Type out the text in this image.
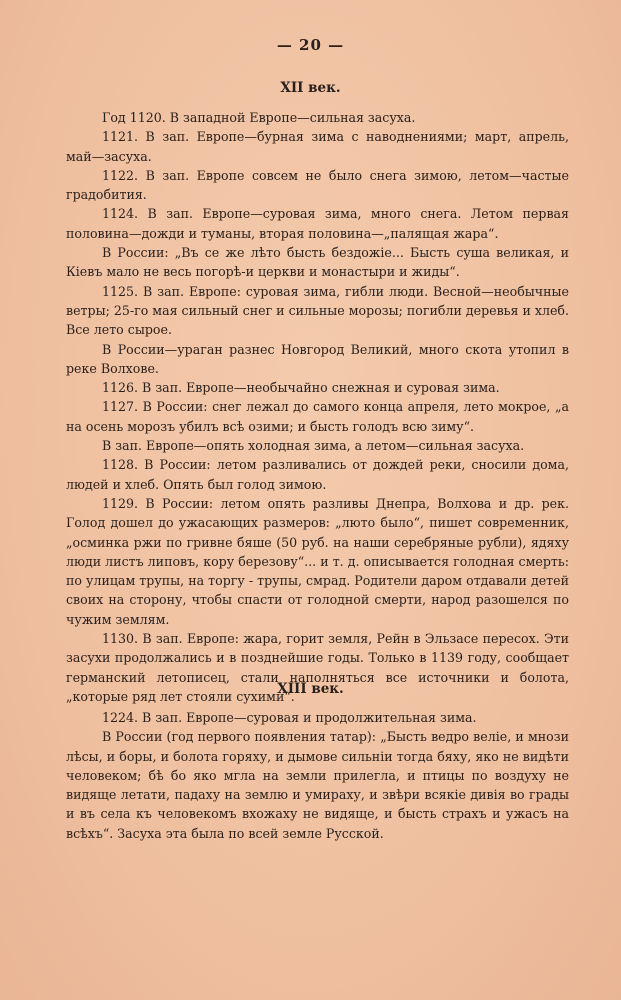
— 20 —
XII век.

Год 1120. В западной Европе—сильная засуха.

1121. В зап. Европе—бурная зима с наводнениями; март, апрель, май—засуха.

1122. В зап. Европе совсем не было снега зимою, летом—частые градобития.

1124. В зап. Европе—суровая зима, много снега. Летом первая половина—дожди и туманы, вторая половина—„палящая жара“.

В России: „Въ се же лѣто бысть бездожіе... Бысть суша великая, и Кіевъ мало не весь погорѣ-и церкви и монастыри и жиды“.

1125. В зап. Европе: суровая зима, гибли люди. Весной—необычные ветры; 25-го мая сильный снег и сильные морозы; погибли деревья и хлеб. Все лето сырое.

В России—ураган разнес Новгород Великий, много скота утопил в реке Волхове.

1126. В зап. Европе—необычайно снежная и суровая зима.

1127. В России: снег лежал до самого конца апреля, лето мокрое, „а на осень морозъ убилъ всѣ озими; и бысть голодъ всю зиму“.

В зап. Европе—опять холодная зима, а летом—сильная засуха.

1128. В России: летом разливались от дождей реки, сносили дома, людей и хлеб. Опять был голод зимою.

1129. В России: летом опять разливы Днепра, Волхова и др. рек. Голод дошел до ужасающих размеров: „люто было“, пишет современник, „осминка ржи по гривне бяше (50 руб. на наши серебряные рубли), ядяху люди листъ липовъ, кору березову“... и т. д. описывается голодная смерть: по улицам трупы, на торгу - трупы, смрад. Родители даром отдавали детей своих на сторону, чтобы спасти от голодной смерти, народ разошелся по чужим землям.

1130. В зап. Европе: жара, горит земля, Рейн в Эльзасе пересох. Эти засухи продолжались и в позднейшие годы. Только в 1139 году, сообщает германский летописец, стали наполняться все источники и болота, „которые ряд лет стояли сухими“.

XIII век.

1224. В зап. Европе—суровая и продолжительная зима.

В России (год первого появления татар): „Бысть ведро веліе, и мнози лѣсы, и боры, и болота горяху, и дымове сильніи тогда бяху, яко не видѣти человеком; бѣ бо яко мгла на земли прилегла, и птицы по воздуху не видяще летати, падаху на землю и умираху, и звѣри всякіе дивія во грады и въ села къ человекомъ вхожаху не видяще, и бысть страхъ и ужасъ на всѣхъ“. Засуха эта была по всей земле Русской.
